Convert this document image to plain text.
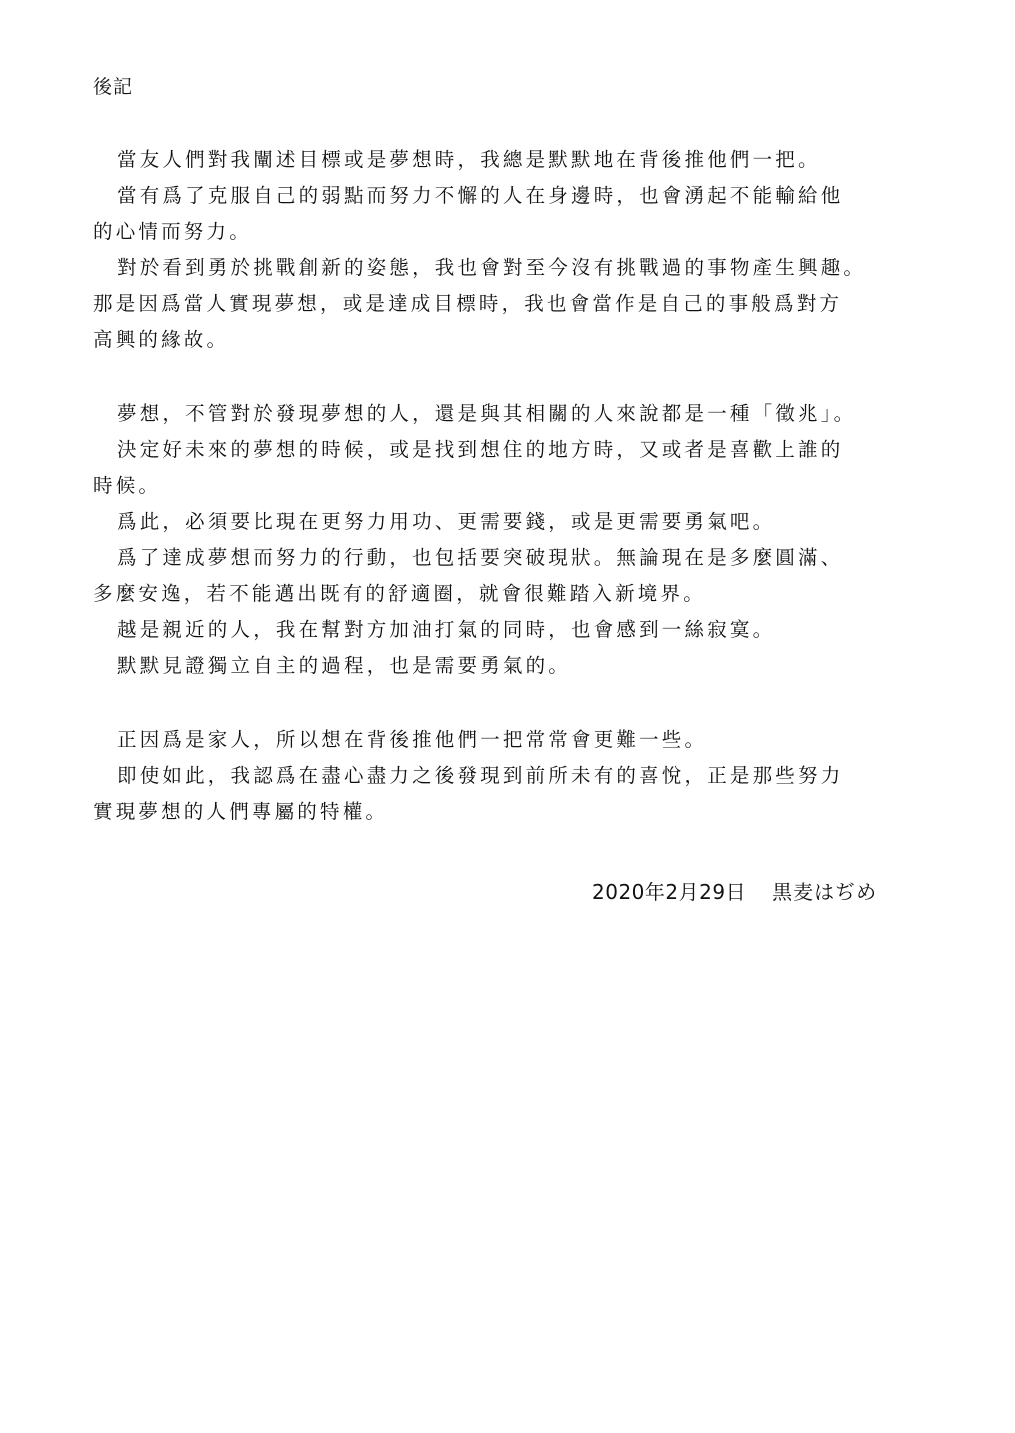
後記
當友人們對我闡述目標或是夢想時，我總是默默地在背後推他們一把。
當有爲了克服自己的弱點而努力不懈的人在身邊時，也會湧起不能輸給他
的心情而努力。
對於看到勇於挑戰創新的姿態，我也會對至今沒有挑戰過的事物產生興趣。
那是因爲當人實現夢想，或是達成目標時，我也會當作是自己的事般爲對方
高興的緣故。
夢想，不管對於發現夢想的人，還是與其相關的人來說都是一種「徵兆」。
決定好未來的夢想的時候，或是找到想住的地方時，又或者是喜歡上誰的
時候。
爲此，必須要比現在更努力用功、更需要錢，或是更需要勇氣吧。
爲了達成夢想而努力的行動，也包括要突破現狀。無論現在是多麼圓滿、
多麼安逸，若不能邁出既有的舒適圈，就會很難踏入新境界。
越是親近的人，我在幫對方加油打氣的同時，也會感到一絲寂寞。
默默見證獨立自主的過程，也是需要勇氣的。
正因爲是家人，所以想在背後推他們一把常常會更難一些。
即使如此，我認爲在盡心盡力之後發現到前所未有的喜悅，正是那些努力
實現夢想的人們專屬的特權。
2020年2月29日 黒麦はぢめ
